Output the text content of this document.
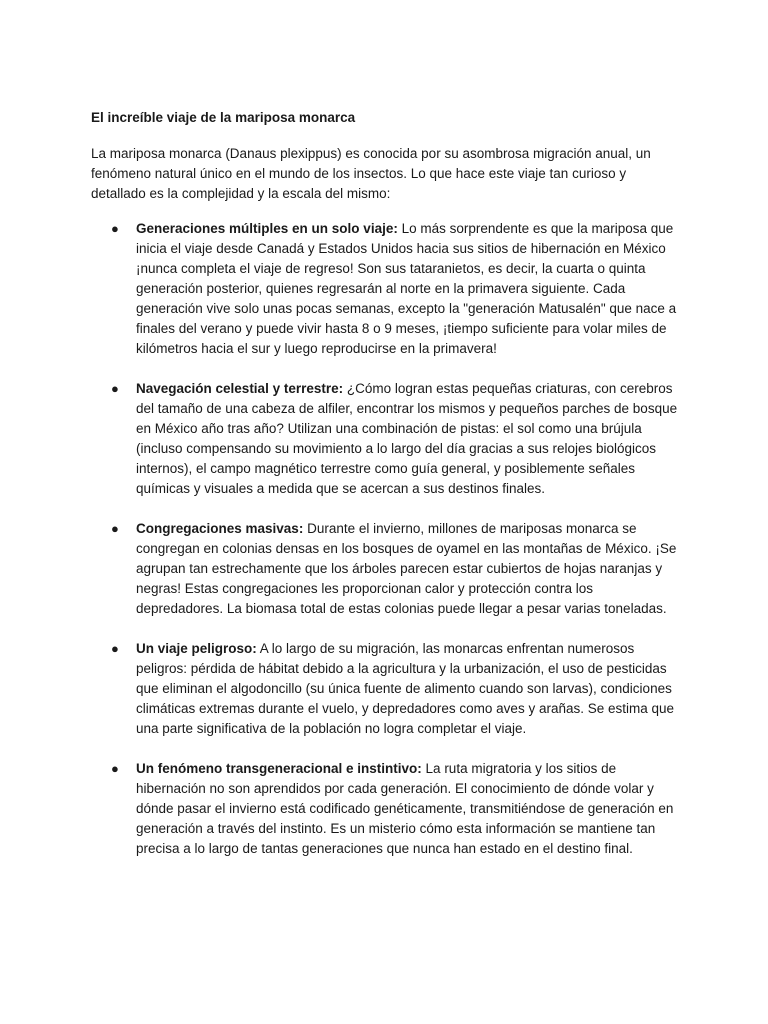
El increíble viaje de la mariposa monarca
La mariposa monarca (Danaus plexippus) es conocida por su asombrosa migración anual, un fenómeno natural único en el mundo de los insectos. Lo que hace este viaje tan curioso y detallado es la complejidad y la escala del mismo:
● Generaciones múltiples en un solo viaje: Lo más sorprendente es que la mariposa que inicia el viaje desde Canadá y Estados Unidos hacia sus sitios de hibernación en México ¡nunca completa el viaje de regreso! Son sus tataranietos, es decir, la cuarta o quinta generación posterior, quienes regresarán al norte en la primavera siguiente. Cada generación vive solo unas pocas semanas, excepto la "generación Matusalén" que nace a finales del verano y puede vivir hasta 8 o 9 meses, ¡tiempo suficiente para volar miles de kilómetros hacia el sur y luego reproducirse en la primavera!
● Navegación celestial y terrestre: ¿Cómo logran estas pequeñas criaturas, con cerebros del tamaño de una cabeza de alfiler, encontrar los mismos y pequeños parches de bosque en México año tras año? Utilizan una combinación de pistas: el sol como una brújula (incluso compensando su movimiento a lo largo del día gracias a sus relojes biológicos internos), el campo magnético terrestre como guía general, y posiblemente señales químicas y visuales a medida que se acercan a sus destinos finales.
● Congregaciones masivas: Durante el invierno, millones de mariposas monarca se congregan en colonias densas en los bosques de oyamel en las montañas de México. ¡Se agrupan tan estrechamente que los árboles parecen estar cubiertos de hojas naranjas y negras! Estas congregaciones les proporcionan calor y protección contra los depredadores. La biomasa total de estas colonias puede llegar a pesar varias toneladas.
● Un viaje peligroso: A lo largo de su migración, las monarcas enfrentan numerosos peligros: pérdida de hábitat debido a la agricultura y la urbanización, el uso de pesticidas que eliminan el algodoncillo (su única fuente de alimento cuando son larvas), condiciones climáticas extremas durante el vuelo, y depredadores como aves y arañas. Se estima que una parte significativa de la población no logra completar el viaje.
● Un fenómeno transgeneracional e instintivo: La ruta migratoria y los sitios de hibernación no son aprendidos por cada generación. El conocimiento de dónde volar y dónde pasar el invierno está codificado genéticamente, transmitiéndose de generación en generación a través del instinto. Es un misterio cómo esta información se mantiene tan precisa a lo largo de tantas generaciones que nunca han estado en el destino final.
